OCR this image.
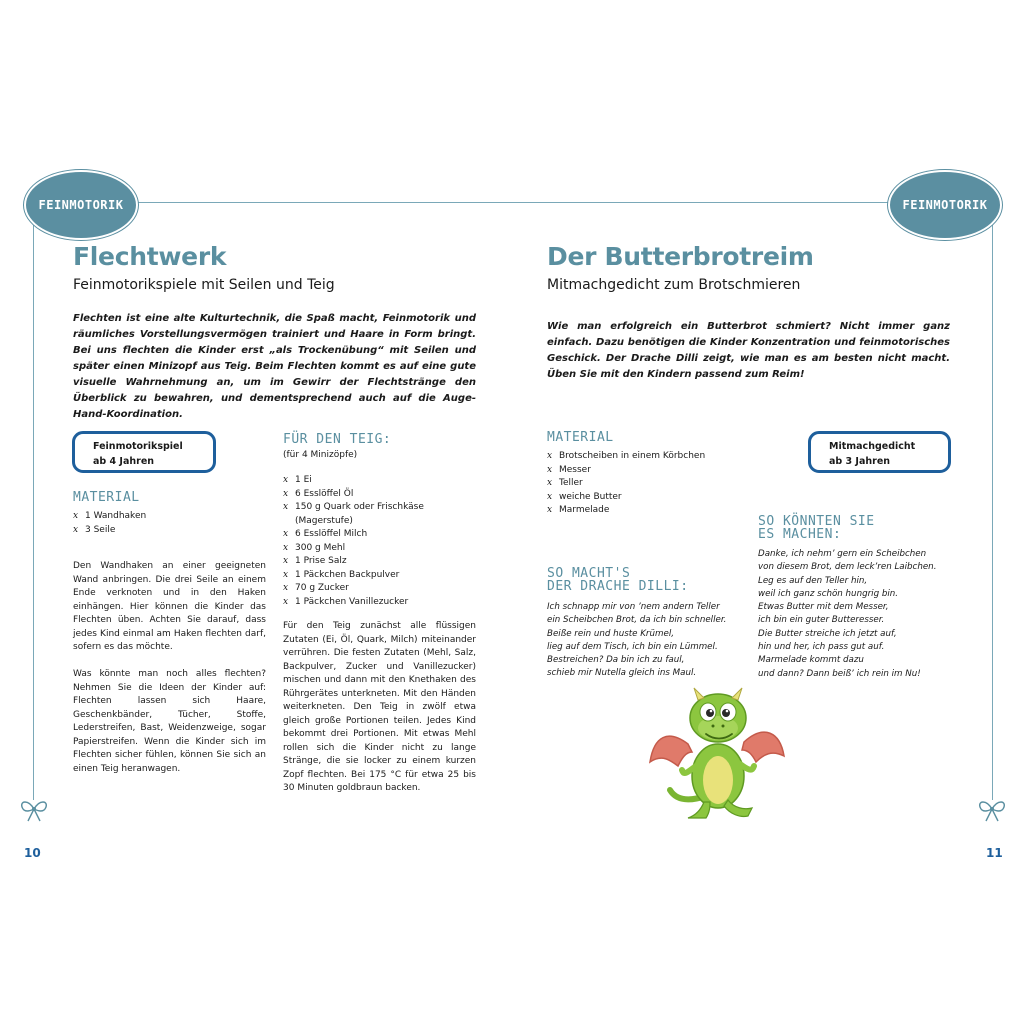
FEINMOTORIK	FEINMOTORIK
Flechtwerk
Feinmotorikspiele mit Seilen und Teig

Flechten ist eine alte Kulturtechnik, die Spaß macht, Feinmotorik und räumliches Vorstellungsvermögen trainiert und Haare in Form bringt. Bei uns flechten die Kinder erst „als Trockenübung“ mit Seilen und später einen Minizopf aus Teig. Beim Flechten kommt es auf eine gute visuelle Wahrnehmung an, um im Gewirr der Flechtstränge den Überblick zu bewahren, und dementsprechend auch auf die Auge-Hand-Koordination.

Feinmotorikspiel
ab 4 Jahren
MATERIAL
x 1 Wandhaken
x 3 Seile

Den Wandhaken an einer geeigneten Wand anbringen. Die drei Seile an einem Ende verknoten und in den Haken einhängen. Hier können die Kinder das Flechten üben. Achten Sie darauf, dass jedes Kind einmal am Haken flechten darf, sofern es das möchte.

Was könnte man noch alles flechten? Nehmen Sie die Ideen der Kinder auf: Flechten lassen sich Haare, Geschenkbänder, Tücher, Stoffe, Lederstreifen, Bast, Weidenzweige, sogar Papierstreifen. Wenn die Kinder sich im Flechten sicher fühlen, können Sie sich an einen Teig heranwagen.

FÜR DEN TEIG:
(für 4 Minizöpfe)
x 1 Ei
x 6 Esslöffel Öl
x 150 g Quark oder Frischkäse (Magerstufe)
x 6 Esslöffel Milch
x 300 g Mehl
x 1 Prise Salz
x 1 Päckchen Backpulver
x 70 g Zucker
x 1 Päckchen Vanillezucker

Für den Teig zunächst alle flüssigen Zutaten (Ei, Öl, Quark, Milch) miteinander verrühren. Die festen Zutaten (Mehl, Salz, Backpulver, Zucker und Vanillezucker) mischen und dann mit den Knethaken des Rührgerätes unterkneten. Mit den Händen weiterkneten. Den Teig in zwölf etwa gleich große Portionen teilen. Jedes Kind bekommt drei Portionen. Mit etwas Mehl rollen sich die Kinder nicht zu lange Stränge, die sie locker zu einem kurzen Zopf flechten. Bei 175 °C für etwa 25 bis 30 Minuten goldbraun backen.

10
Der Butterbrotreim
Mitmachgedicht zum Brotschmieren

Wie man erfolgreich ein Butterbrot schmiert? Nicht immer ganz einfach. Dazu benötigen die Kinder Konzentration und feinmotorisches Geschick. Der Drache Dilli zeigt, wie man es am besten nicht macht. Üben Sie mit den Kindern passend zum Reim!

Mitmachgedicht
ab 3 Jahren
MATERIAL
x Brotscheiben in einem Körbchen
x Messer
x Teller
x weiche Butter
x Marmelade
SO MACHT'S
DER DRACHE DILLI:
Ich schnapp mir von ’nem andern Teller
ein Scheibchen Brot, da ich bin schneller.
Beiße rein und huste Krümel,
lieg auf dem Tisch, ich bin ein Lümmel.
Bestreichen? Da bin ich zu faul,
schieb mir Nutella gleich ins Maul.
SO KÖNNTEN SIE
ES MACHEN:
Danke, ich nehm’ gern ein Scheibchen
von diesem Brot, dem leck’ren Laibchen.
Leg es auf den Teller hin,
weil ich ganz schön hungrig bin.
Etwas Butter mit dem Messer,
ich bin ein guter Butteresser.
Die Butter streiche ich jetzt auf,
hin und her, ich pass gut auf.
Marmelade kommt dazu
und dann? Dann beiß’ ich rein im Nu!
11
